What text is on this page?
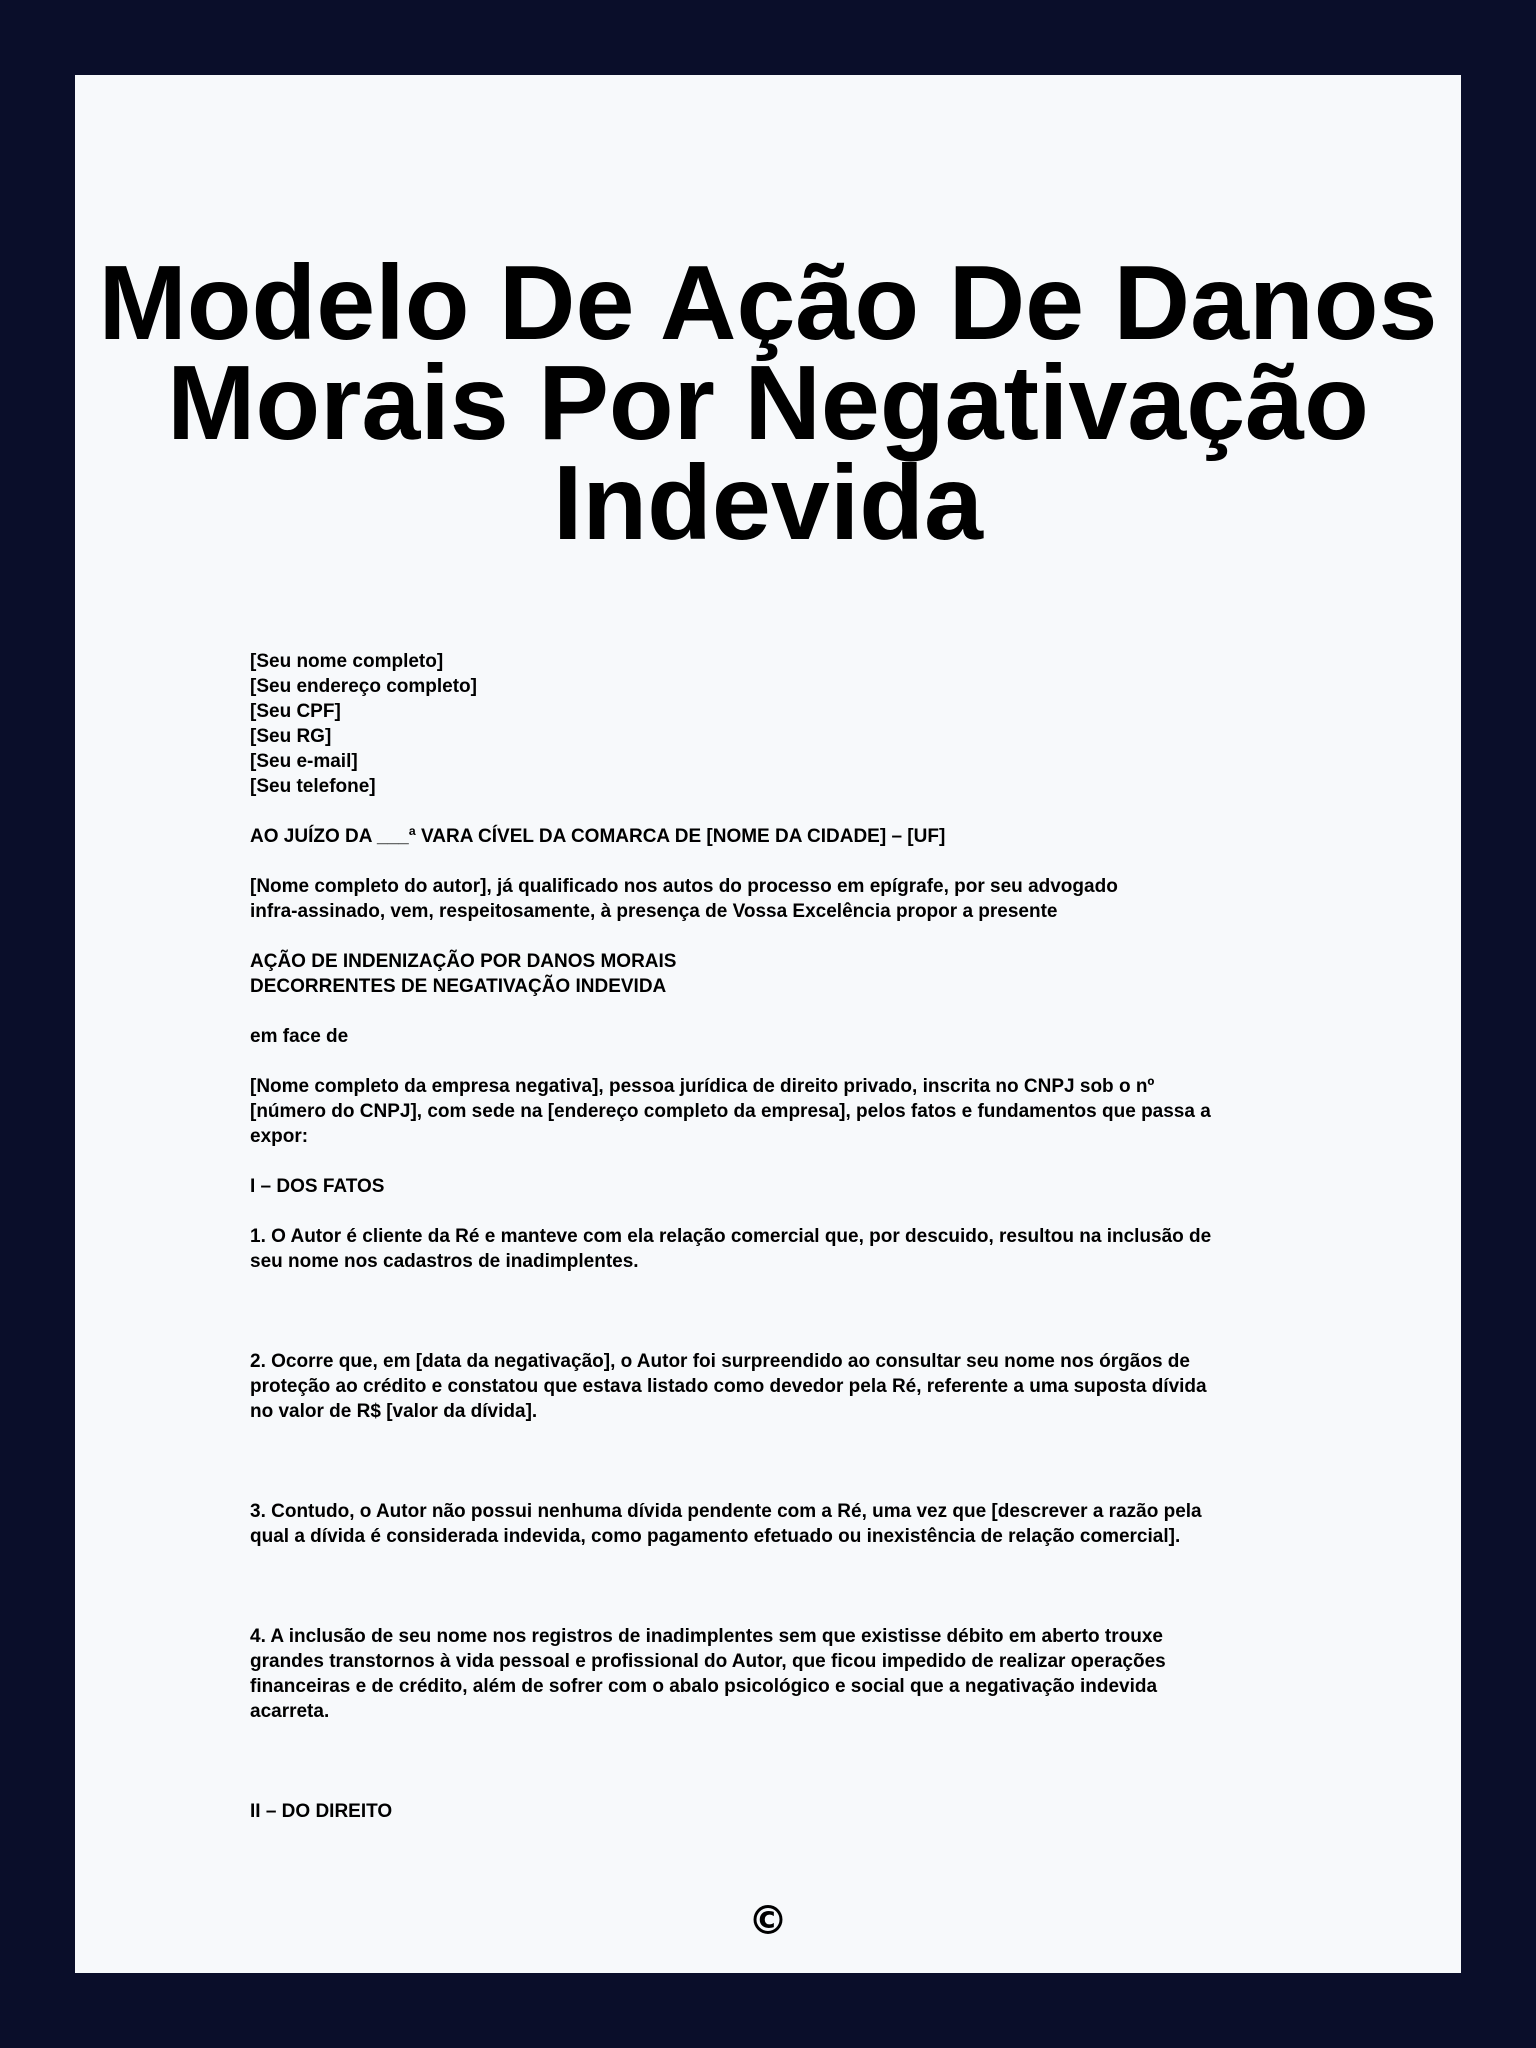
Modelo De Ação De Danos
Morais Por Negativação
Indevida
[Seu nome completo]
[Seu endereço completo]
[Seu CPF]
[Seu RG]
[Seu e-mail]
[Seu telefone]
AO JUÍZO DA ___ª VARA CÍVEL DA COMARCA DE [NOME DA CIDADE] – [UF]
[Nome completo do autor], já qualificado nos autos do processo em epígrafe, por seu advogado
infra-assinado, vem, respeitosamente, à presença de Vossa Excelência propor a presente
AÇÃO DE INDENIZAÇÃO POR DANOS MORAIS
DECORRENTES DE NEGATIVAÇÃO INDEVIDA
em face de
[Nome completo da empresa negativa], pessoa jurídica de direito privado, inscrita no CNPJ sob o nº
[número do CNPJ], com sede na [endereço completo da empresa], pelos fatos e fundamentos que passa a
expor:
I – DOS FATOS
1. O Autor é cliente da Ré e manteve com ela relação comercial que, por descuido, resultou na inclusão de
seu nome nos cadastros de inadimplentes.
2. Ocorre que, em [data da negativação], o Autor foi surpreendido ao consultar seu nome nos órgãos de
proteção ao crédito e constatou que estava listado como devedor pela Ré, referente a uma suposta dívida
no valor de R$ [valor da dívida].
3. Contudo, o Autor não possui nenhuma dívida pendente com a Ré, uma vez que [descrever a razão pela
qual a dívida é considerada indevida, como pagamento efetuado ou inexistência de relação comercial].
4. A inclusão de seu nome nos registros de inadimplentes sem que existisse débito em aberto trouxe
grandes transtornos à vida pessoal e profissional do Autor, que ficou impedido de realizar operações
financeiras e de crédito, além de sofrer com o abalo psicológico e social que a negativação indevida
acarreta.
II – DO DIREITO
©
